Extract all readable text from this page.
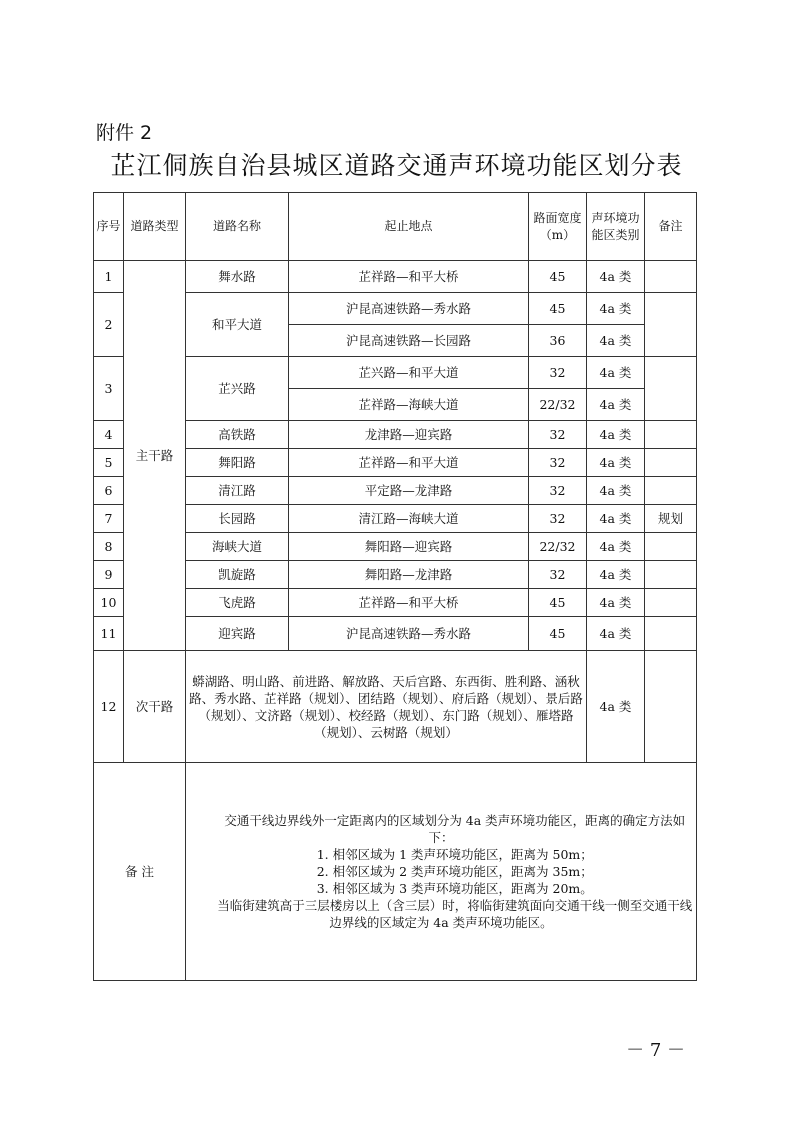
附件 2
芷江侗族自治县城区道路交通声环境功能区划分表
序号	道路类型	道路名称	起止地点	路面宽度（m）	声环境功能区类别	备注
1	主干路	舞水路	芷祥路—和平大桥	45	4a 类	
2		和平大道	沪昆高速铁路—秀水路	45	4a 类	
			沪昆高速铁路—长园路	36	4a 类	
3		芷兴路	芷兴路—和平大道	32	4a 类	
			芷祥路—海峡大道	22/32	4a 类	
4		高铁路	龙津路—迎宾路	32	4a 类	
5		舞阳路	芷祥路—和平大道	32	4a 类	
6		清江路	平定路—龙津路	32	4a 类	
7		长园路	清江路—海峡大道	32	4a 类	规划
8		海峡大道	舞阳路—迎宾路	22/32	4a 类	
9		凯旋路	舞阳路—龙津路	32	4a 类	
10		飞虎路	芷祥路—和平大桥	45	4a 类	
11		迎宾路	沪昆高速铁路—秀水路	45	4a 类	
12	次干路	蟒湖路、明山路、前进路、解放路、天后宫路、东西街、胜利路、涵秋路、秀水路、芷祥路（规划）、团结路（规划）、府后路（规划）、景后路（规划）、文济路（规划）、校经路（规划）、东门路（规划）、雁塔路（规划）、云树路（规划）			4a 类	
备 注		交通干线边界线外一定距离内的区域划分为 4a 类声环境功能区，距离的确定方法如下：

1. 相邻区域为 1 类声环境功能区，距离为 50m；

2. 相邻区域为 2 类声环境功能区，距离为 35m；

3. 相邻区域为 3 类声环境功能区，距离为 20m。

当临街建筑高于三层楼房以上（含三层）时，将临街建筑面向交通干线一侧至交通干线边界线的区域定为 4a 类声环境功能区。				

－ 7 －
